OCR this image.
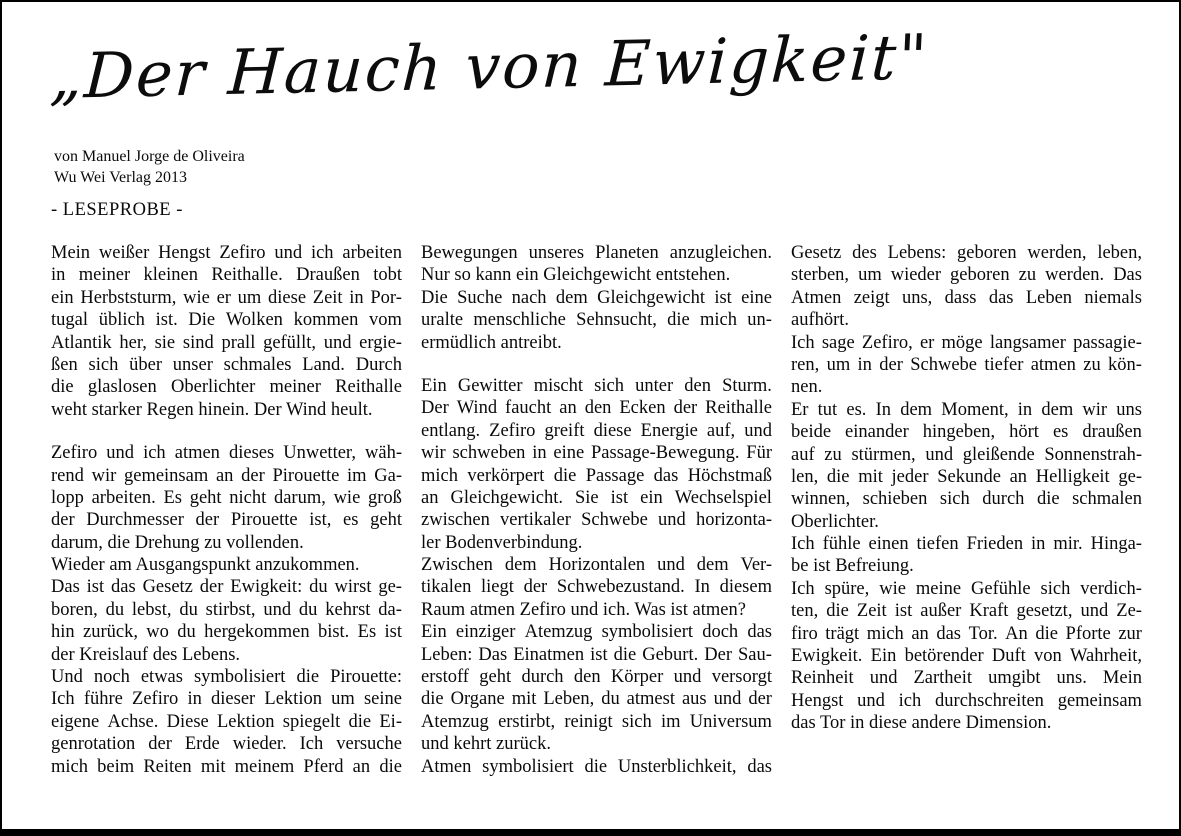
„Der Hauch von Ewigkeit"
von Manuel Jorge de Oliveira
Wu Wei Verlag 2013
- LESEPROBE -
Mein weißer Hengst Zefiro und ich arbeiten
in meiner kleinen Reithalle. Draußen tobt
ein Herbststurm, wie er um diese Zeit in Por-
tugal üblich ist. Die Wolken kommen vom
Atlantik her, sie sind prall gefüllt, und ergie-
ßen sich über unser schmales Land. Durch
die glaslosen Oberlichter meiner Reithalle
weht starker Regen hinein. Der Wind heult.
Zefiro und ich atmen dieses Unwetter, wäh-
rend wir gemeinsam an der Pirouette im Ga-
lopp arbeiten. Es geht nicht darum, wie groß
der Durchmesser der Pirouette ist, es geht
darum, die Drehung zu vollenden.
Wieder am Ausgangspunkt anzukommen.
Das ist das Gesetz der Ewigkeit: du wirst ge-
boren, du lebst, du stirbst, und du kehrst da-
hin zurück, wo du hergekommen bist. Es ist
der Kreislauf des Lebens.
Und noch etwas symbolisiert die Pirouette:
Ich führe Zefiro in dieser Lektion um seine
eigene Achse. Diese Lektion spiegelt die Ei-
genrotation der Erde wieder. Ich versuche
mich beim Reiten mit meinem Pferd an die
Bewegungen unseres Planeten anzugleichen.
Nur so kann ein Gleichgewicht entstehen.
Die Suche nach dem Gleichgewicht ist eine
uralte menschliche Sehnsucht, die mich un-
ermüdlich antreibt.
Ein Gewitter mischt sich unter den Sturm.
Der Wind faucht an den Ecken der Reithalle
entlang. Zefiro greift diese Energie auf, und
wir schweben in eine Passage-Bewegung. Für
mich verkörpert die Passage das Höchstmaß
an Gleichgewicht. Sie ist ein Wechselspiel
zwischen vertikaler Schwebe und horizonta-
ler Bodenverbindung.
Zwischen dem Horizontalen und dem Ver-
tikalen liegt der Schwebezustand. In diesem
Raum atmen Zefiro und ich. Was ist atmen?
Ein einziger Atemzug symbolisiert doch das
Leben: Das Einatmen ist die Geburt. Der Sau-
erstoff geht durch den Körper und versorgt
die Organe mit Leben, du atmest aus und der
Atemzug erstirbt, reinigt sich im Universum
und kehrt zurück.
Atmen symbolisiert die Unsterblichkeit, das
Gesetz des Lebens: geboren werden, leben,
sterben, um wieder geboren zu werden. Das
Atmen zeigt uns, dass das Leben niemals
aufhört.
Ich sage Zefiro, er möge langsamer passagie-
ren, um in der Schwebe tiefer atmen zu kön-
nen.
Er tut es. In dem Moment, in dem wir uns
beide einander hingeben, hört es draußen
auf zu stürmen, und gleißende Sonnenstrah-
len, die mit jeder Sekunde an Helligkeit ge-
winnen, schieben sich durch die schmalen
Oberlichter.
Ich fühle einen tiefen Frieden in mir. Hinga-
be ist Befreiung.
Ich spüre, wie meine Gefühle sich verdich-
ten, die Zeit ist außer Kraft gesetzt, und Ze-
firo trägt mich an das Tor. An die Pforte zur
Ewigkeit. Ein betörender Duft von Wahrheit,
Reinheit und Zartheit umgibt uns. Mein
Hengst und ich durchschreiten gemeinsam
das Tor in diese andere Dimension.
